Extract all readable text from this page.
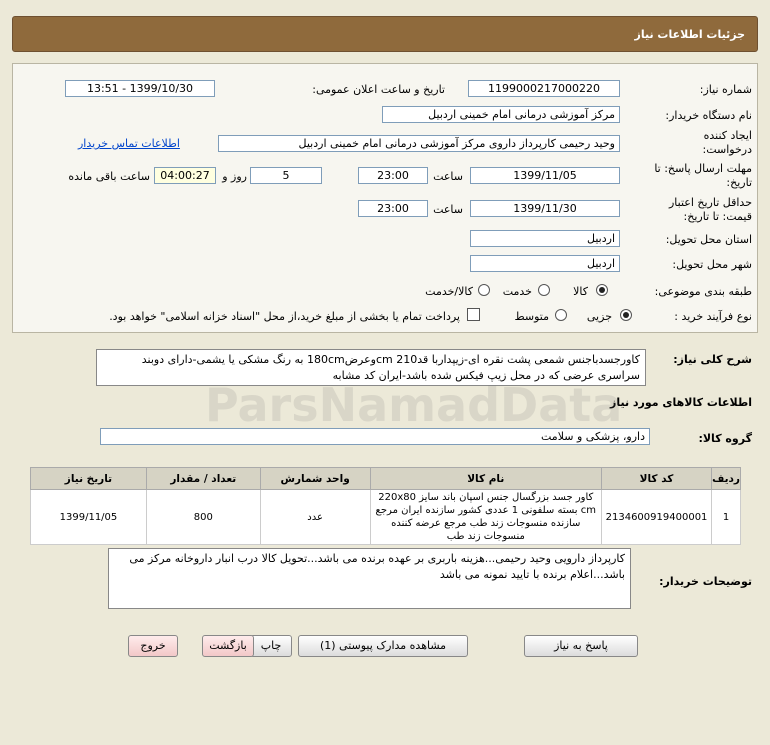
جزئیات اطلاعات نیاز
شماره نیاز:
1199000217000220
تاریخ و ساعت اعلان عمومی:
1399/10/30 - 13:51
نام دستگاه خریدار:
مرکز آموزشی درمانی امام خمینی اردبیل
ایجاد کننده درخواست:
وحید رحیمی کارپرداز داروی مرکز آموزشی درمانی امام خمینی اردبیل
اطلاعات تماس خریدار
مهلت ارسال پاسخ: تا تاریخ:
1399/11/05
ساعت
23:00
5
روز و
04:00:27
ساعت باقی مانده
حداقل تاریخ اعتبار قیمت: تا تاریخ:
1399/11/30
ساعت
23:00
استان محل تحویل:
اردبیل
شهر محل تحویل:
اردبیل
طبقه بندی موضوعی:
کالا
خدمت
کالا/خدمت
نوع فرآیند خرید :
جزیی
متوسط
پرداخت تمام یا بخشی از مبلغ خرید،از محل "اسناد خزانه اسلامی" خواهد بود.
شرح کلی نیاز:
کاورجسدباجنس شمعی پشت نقره ای-زیپداربا قد210 cmوعرض180cm به رنگ مشکی یا یشمی-دارای دوبند سراسری عرضی که در محل زیپ فیکس شده باشد-ایران کد مشابه
اطلاعات کالاهای مورد نیاز
گروه کالا:
دارو، پزشکی و سلامت
ردیف	کد کالا	نام کالا	واحد شمارش	تعداد / مقدار	تاریخ نیاز
1	2134600919400001	کاور جسد بزرگسال جنس اسپان باند سایز 220x80 cm بسته سلفونی 1 عددی کشور سازنده ایران مرجع سازنده منسوجات زند طب مرجع عرضه کننده منسوجات زند طب	عدد	800	1399/11/05
توضیحات خریدار:
کارپرداز دارویی وحید رحیمی...هزینه باربری بر عهده برنده می باشد...تحویل کالا درب انبار داروخانه مرکز می باشد...اعلام برنده با تایید نمونه می باشد
پاسخ به نیاز
مشاهده مدارک پیوستی (1)
چاپ
بازگشت
خروج
ParsNamadData
